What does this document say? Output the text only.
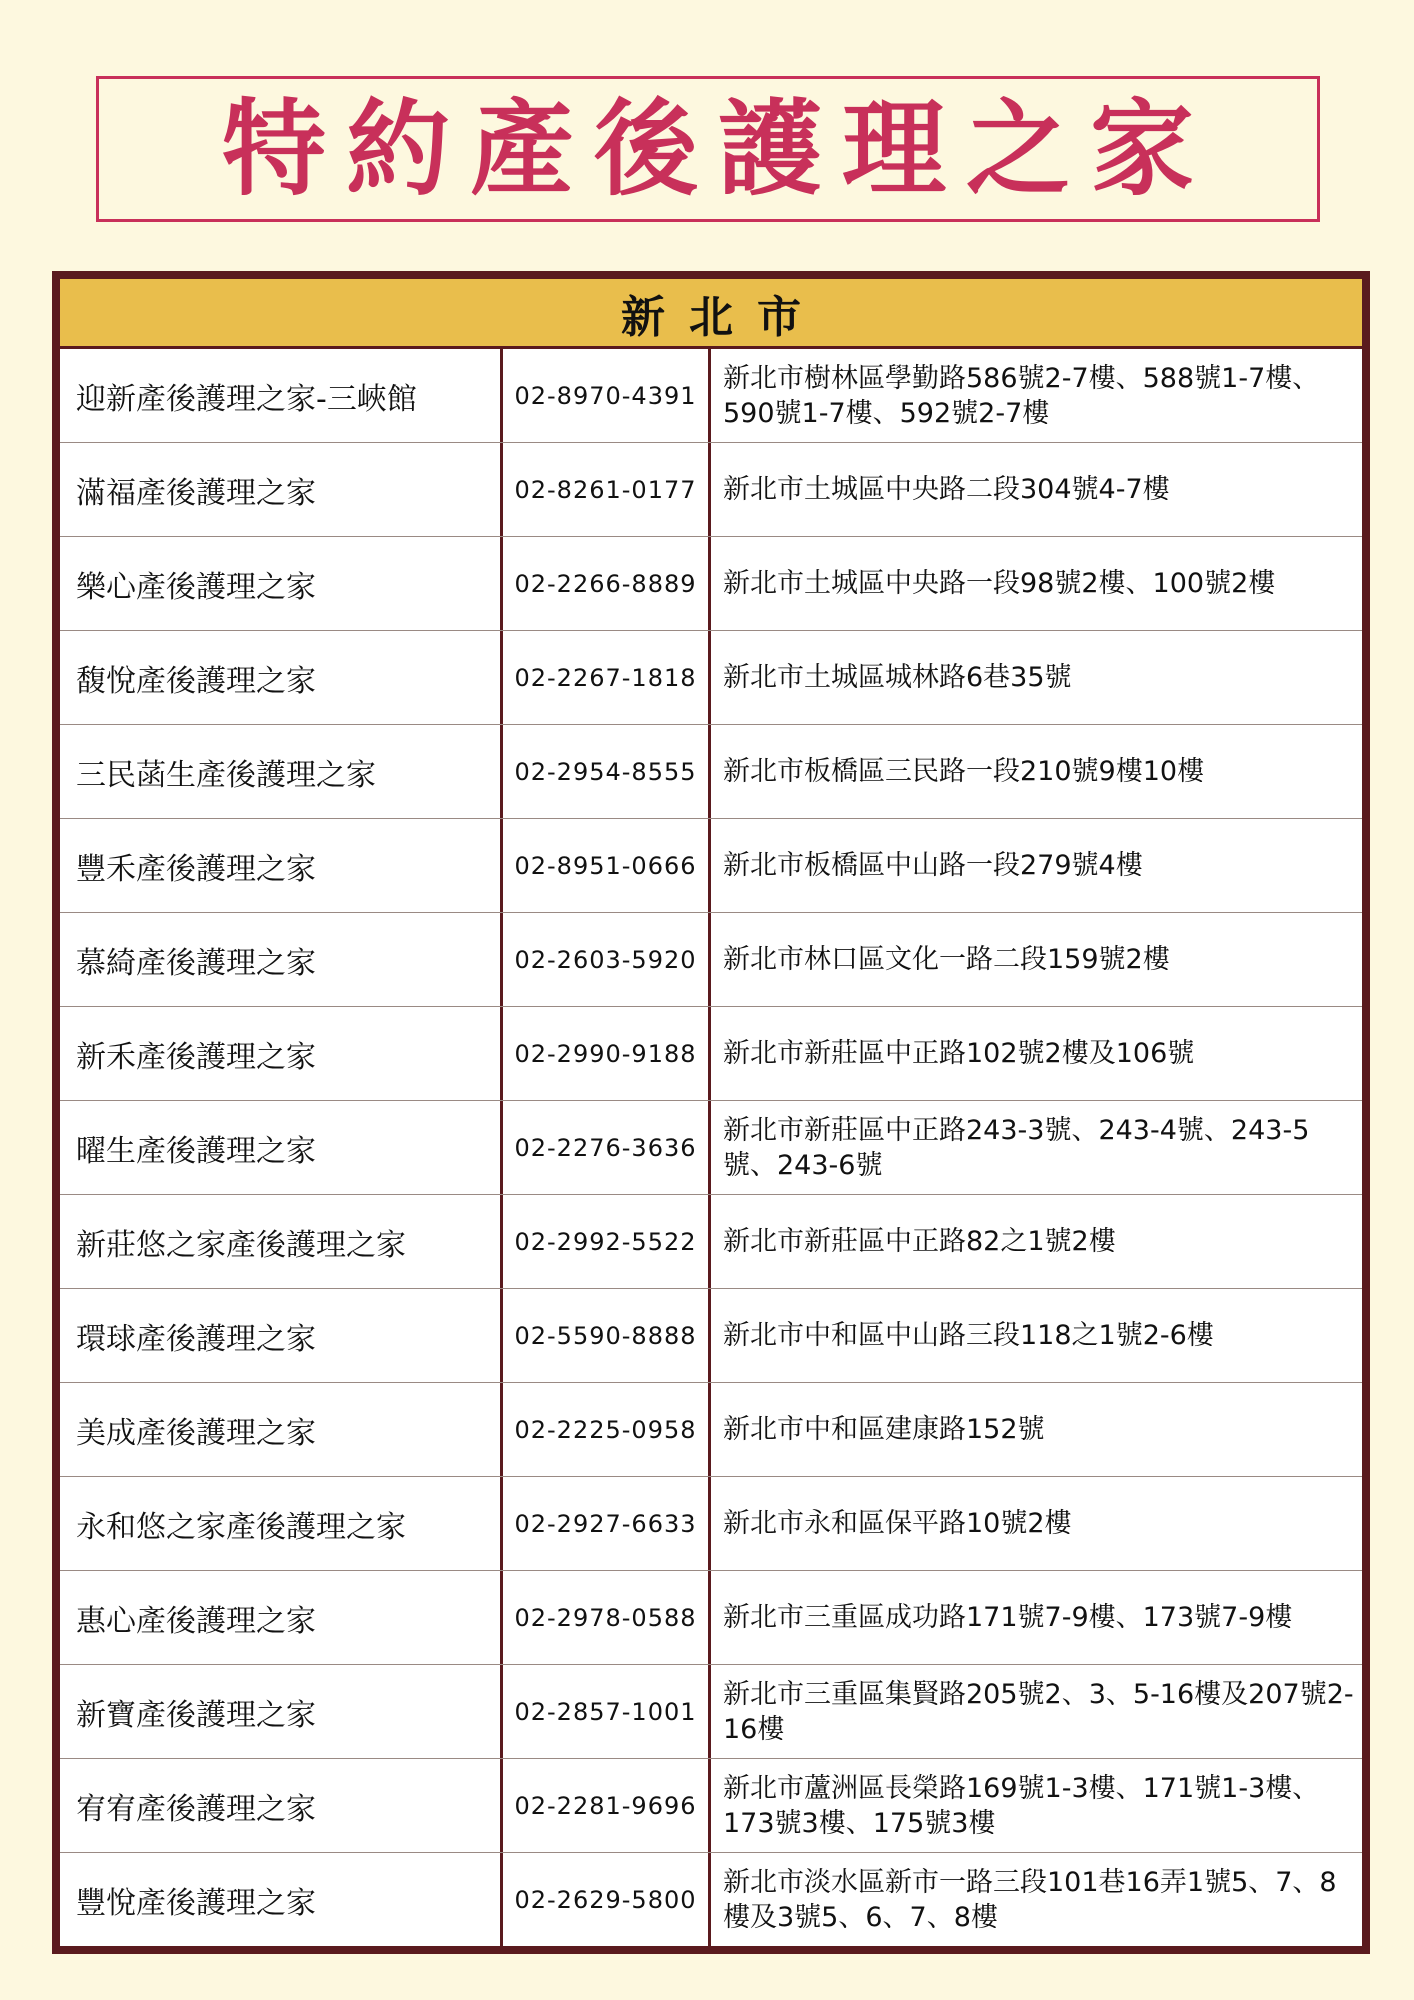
特約產後護理之家
新北市
迎新產後護理之家-三峽館	02-8970-4391
新北市樹林區學勤路586號2-7樓、588號1-7樓、590號1-7樓、592號2-7樓
滿福產後護理之家	02-8261-0177 新北市土城區中央路二段304號4-7樓
樂心產後護理之家	02-2266-8889 新北市土城區中央路一段98號2樓、100號2樓
馥悅產後護理之家	02-2267-1818 新北市土城區城林路6巷35號
三民菡生產後護理之家	02-2954-8555 新北市板橋區三民路一段210號9樓10樓
豐禾產後護理之家	02-8951-0666 新北市板橋區中山路一段279號4樓
慕綺產後護理之家	02-2603-5920 新北市林口區文化一路二段159號2樓
新禾產後護理之家	02-2990-9188 新北市新莊區中正路102號2樓及106號
曜生產後護理之家	02-2276-3636
新北市新莊區中正路243-3號、243-4號、243-5號、243-6號
新莊悠之家產後護理之家	02-2992-5522 新北市新莊區中正路82之1號2樓
環球產後護理之家	02-5590-8888 新北市中和區中山路三段118之1號2-6樓
美成產後護理之家	02-2225-0958 新北市中和區建康路152號
永和悠之家產後護理之家	02-2927-6633 新北市永和區保平路10號2樓
惠心產後護理之家	02-2978-0588 新北市三重區成功路171號7-9樓、173號7-9樓
新寶產後護理之家	02-2857-1001
新北市三重區集賢路205號2、3、5-16樓及207號2-16樓
宥宥產後護理之家	02-2281-9696
新北市蘆洲區長榮路169號1-3樓、171號1-3樓、173號3樓、175號3樓
豐悅產後護理之家	02-2629-5800
新北市淡水區新市一路三段101巷16弄1號5、7、8樓及3號5、6、7、8樓
